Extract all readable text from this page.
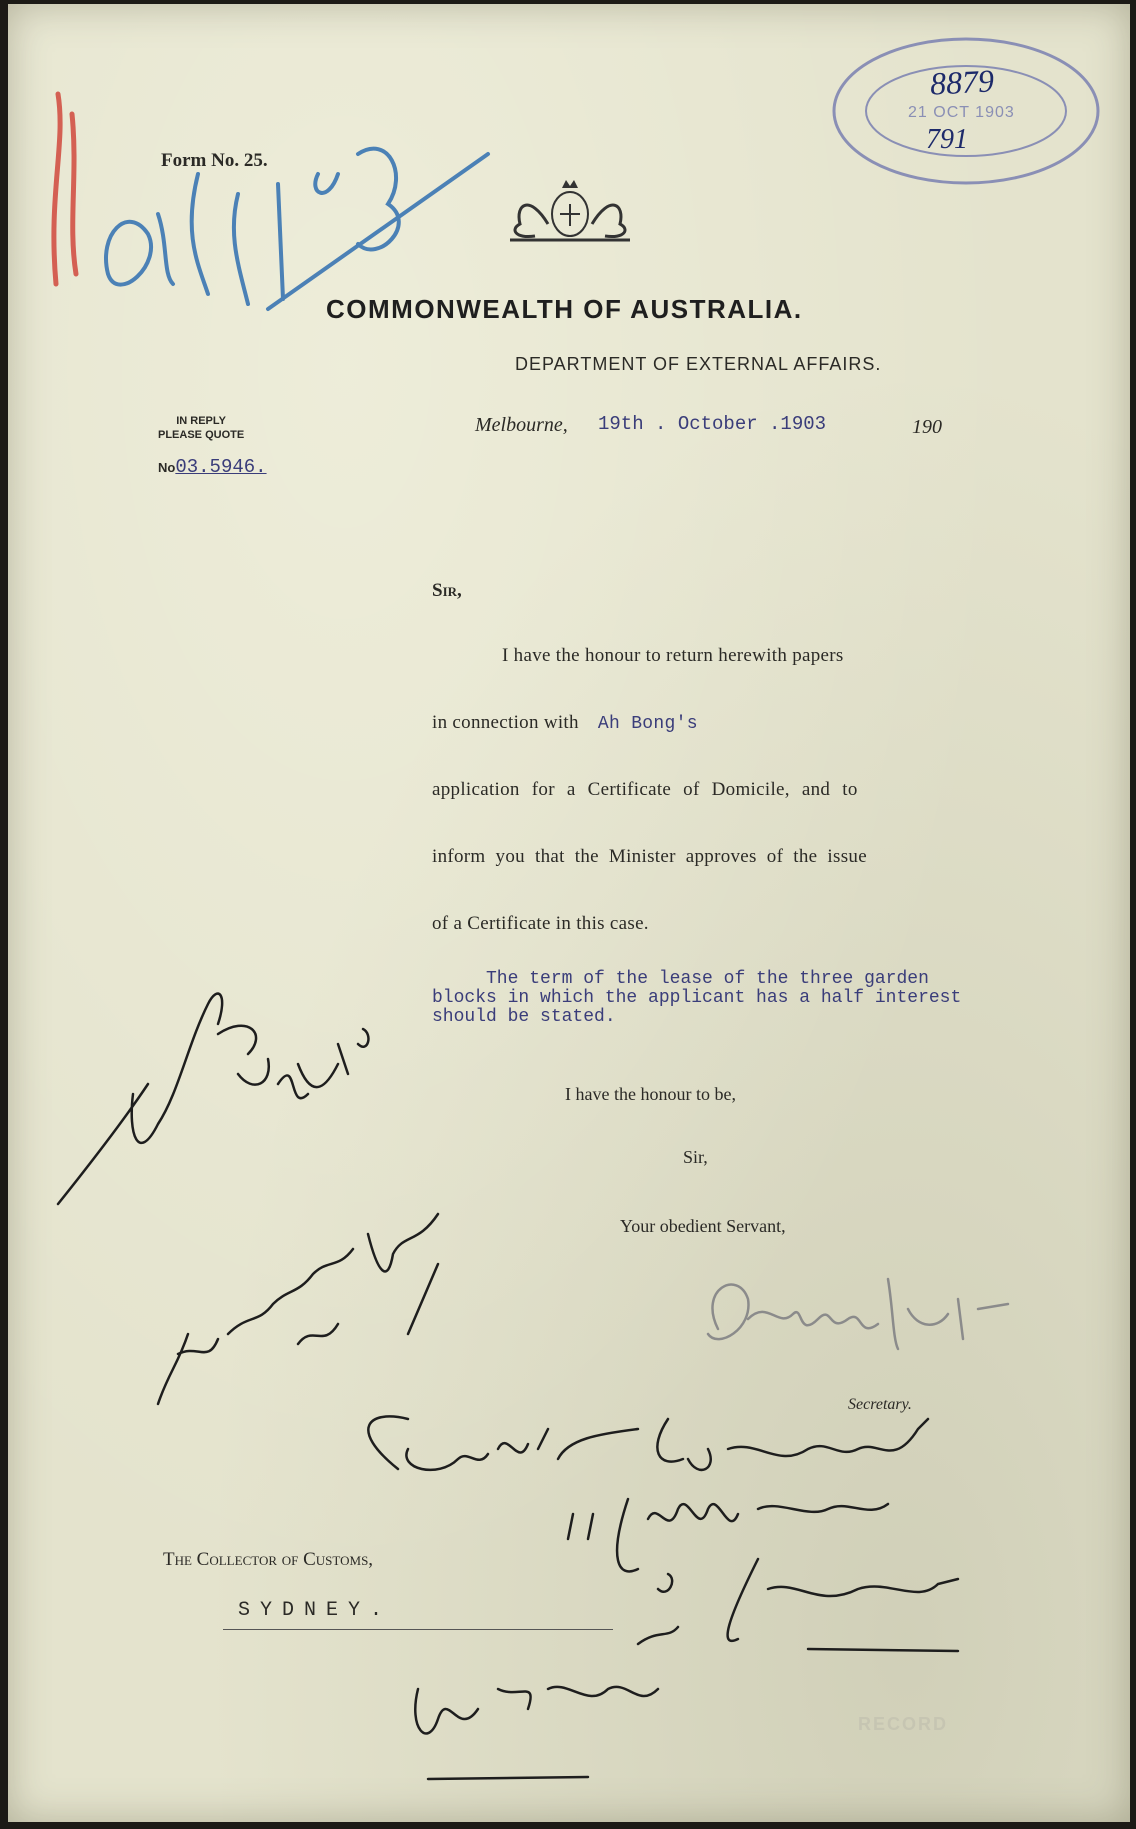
8879
21 OCT 1903
791
Form No. 25.
COMMONWEALTH OF AUSTRALIA.
DEPARTMENT OF EXTERNAL AFFAIRS.
IN REPLY
PLEASE QUOTE
No03.5946.
Melbourne, 19th . October .1903	190
Sir,
I have the honour to return herewith papers
in connection with Ah Bong's
application for a Certificate of Domicile, and to
inform you that the Minister approves of the issue
of a Certificate in this case.
The term of the lease of the three garden
blocks in which the applicant has a half interest
should be stated.
I have the honour to be,
Sir,
Your obedient Servant,
Secretary.
The Collector of Customs,
SYDNEY.
RECORD
